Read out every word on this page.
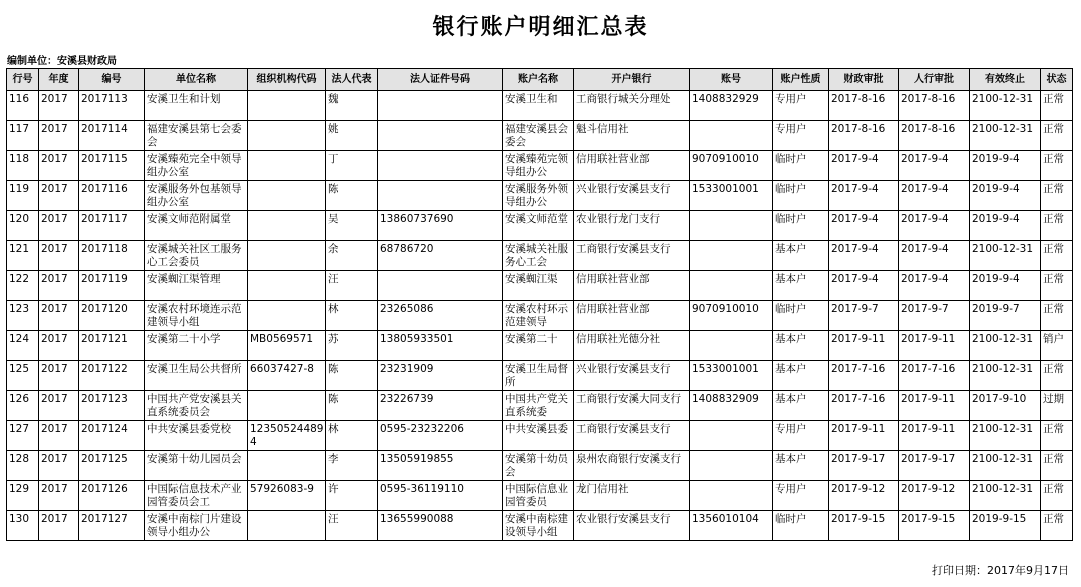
银行账户明细汇总表
编制单位：安溪县财政局
行号	年度	编号	单位名称	组织机构代码	法人代表	法人证件号码	账户名称	开户银行	账号	账户性质	财政审批	人行审批	有效终止	状态

116	2017	2017113	安溪卫生和计划		魏		安溪卫生和	工商银行城关分理处	1408832929	专用户	2017-8-16	2017-8-16	2100-12-31	正常

117	2017	2017114	福建安溪县第七会委会		姚		福建安溪县会委会	魁斗信用社		专用户	2017-8-16	2017-8-16	2100-12-31	正常

118	2017	2017115	安溪臻苑完全中领导组办公室		丁		安溪臻苑完领导组办公	信用联社营业部	9070910010	临时户	2017-9-4	2017-9-4	2019-9-4	正常

119	2017	2017116	安溪服务外包基领导组办公室		陈		安溪服务外领导组办公	兴业银行安溪县支行	1533001001	临时户	2017-9-4	2017-9-4	2019-9-4	正常

120	2017	2017117	安溪文师范附属堂		吴	13860737690	安溪文师范堂	农业银行龙门支行		临时户	2017-9-4	2017-9-4	2019-9-4	正常

121	2017	2017118	安溪城关社区工服务心工会委员		余	68786720	安溪城关社服务心工会	工商银行安溪县支行		基本户	2017-9-4	2017-9-4	2100-12-31	正常

122	2017	2017119	安溪蜘江渠管理		汪		安溪蜘江渠	信用联社营业部		基本户	2017-9-4	2017-9-4	2019-9-4	正常

123	2017	2017120	安溪农村环境连示范建领导小组		林	23265086	安溪农村环示范建领导	信用联社营业部	9070910010	临时户	2017-9-7	2017-9-7	2019-9-7	正常

124	2017	2017121	安溪第二十小学	MB0569571	苏	13805933501	安溪第二十	信用联社光德分社		基本户	2017-9-11	2017-9-11	2100-12-31	销户

125	2017	2017122	安溪卫生局公共督所	66037427-8	陈	23231909	安溪卫生局督所	兴业银行安溪县支行	1533001001	基本户	2017-7-16	2017-7-16	2100-12-31	正常

126	2017	2017123	中国共产党安溪县关直系统委员会		陈	23226739	中国共产党关直系统委	工商银行安溪大同支行	1408832909	基本户	2017-7-16	2017-9-11	2017-9-10	过期

127	2017	2017124	中共安溪县委党校	123505244894	林	0595-23232206	中共安溪县委	工商银行安溪县支行		专用户	2017-9-11	2017-9-11	2100-12-31	正常

128	2017	2017125	安溪第十幼儿园员会		李	13505919855	安溪第十幼员会	泉州农商银行安溪支行		基本户	2017-9-17	2017-9-17	2100-12-31	正常

129	2017	2017126	中国际信息技术产业园管委员会工	57926083-9	许	0595-36119110	中国际信息业园管委员	龙门信用社		专用户	2017-9-12	2017-9-12	2100-12-31	正常

130	2017	2017127	安溪中南棕门片建设领导小组办公		汪	13655990088	安溪中南棕建设领导小组	农业银行安溪县支行	1356010104	临时户	2017-9-15	2017-9-15	2019-9-15	正常
打印日期：2017年9月17日
